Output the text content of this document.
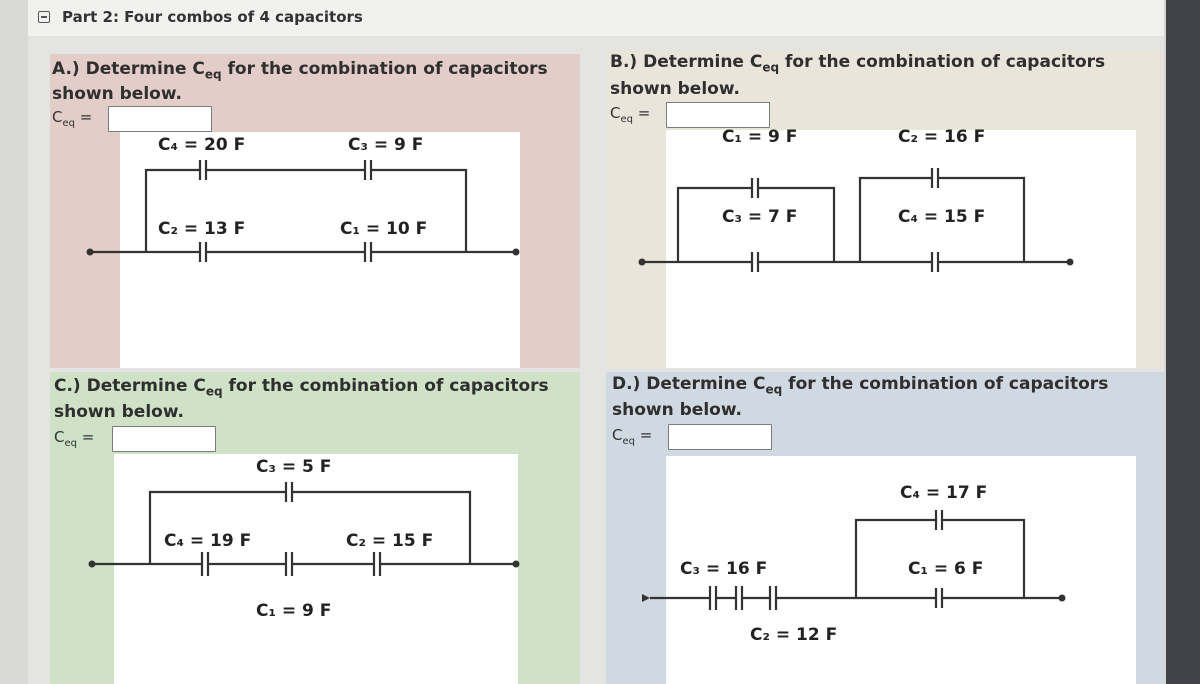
Part 2: Four combos of 4 capacitors
A.) Determine $C_{eq}$ for the combination of capacitors
shown below.
$C_{eq}$ =
C₄ = 20 F	C₃ = 9 F
C₂ = 13 F	C₁ = 10 F
B.) Determine $C_{eq}$ for the combination of capacitors
shown below.
$C_{eq}$ =
C₁ = 9 F	C₂ = 16 F
C₃ = 7 F	C₄ = 15 F
C.) Determine $C_{eq}$ for the combination of capacitors
shown below.
$C_{eq}$ =
C₃ = 5 F
C₄ = 19 F	C₂ = 15 F
C₁ = 9 F
D.) Determine $C_{eq}$ for the combination of capacitors
shown below.
$C_{eq}$ =
C₄ = 17 F
C₃ = 16 F	C₁ = 6 F
C₂ = 12 F
